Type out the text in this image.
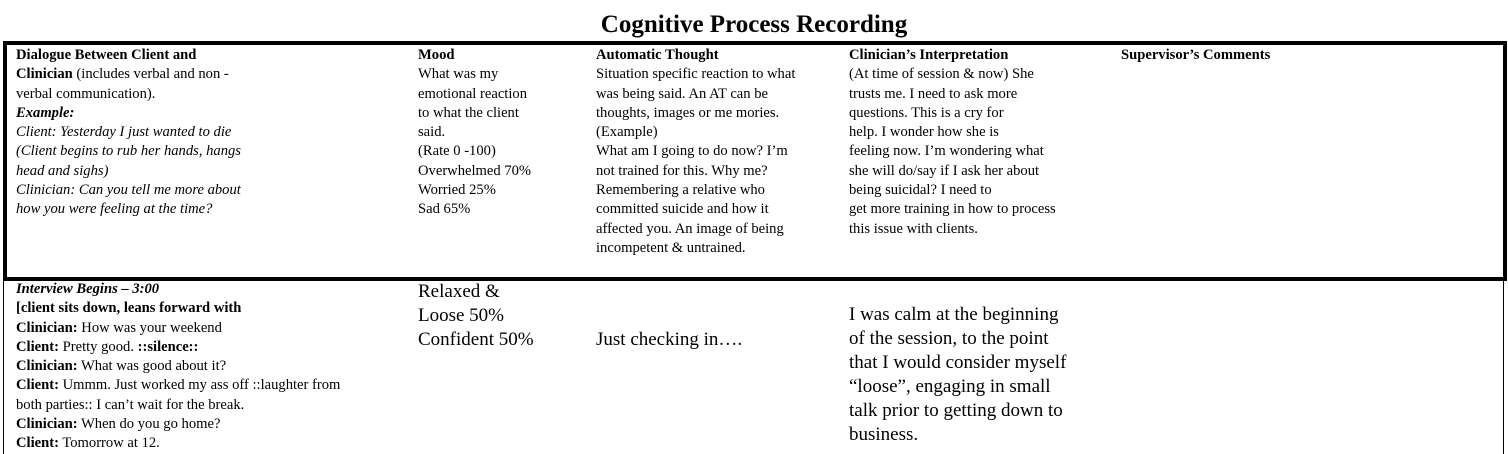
Cognitive Process Recording
Dialogue Between Client and
Clinician (includes verbal and non -
verbal communication).
Example:
Client: Yesterday I just wanted to die
(Client begins to rub her hands, hangs
head and sighs)
Clinician: Can you tell me more about
how you were feeling at the time?
Mood
What was my
emotional reaction
to what the client
said.
(Rate 0 -100)
Overwhelmed 70%
Worried 25%
Sad 65%
Automatic Thought
Situation specific reaction to what
was being said. An AT can be
thoughts, images or me mories.
(Example)
What am I going to do now? I’m
not trained for this. Why me?
Remembering a relative who
committed suicide and how it
affected you. An image of being
incompetent & untrained.
Clinician’s Interpretation
(At time of session & now) She
trusts me. I need to ask more
questions. This is a cry for
help. I wonder how she is
feeling now. I’m wondering what
she will do/say if I ask her about
being suicidal? I need to
get more training in how to process
this issue with clients.
Supervisor’s Comments
Interview Begins – 3:00
[client sits down, leans forward with
Clinician: How was your weekend
Client: Pretty good. ::silence::
Clinician: What was good about it?
Client: Ummm. Just worked my ass off ::laughter from
both parties:: I can’t wait for the break.
Clinician: When do you go home?
Client: Tomorrow at 12.
Relaxed &
Loose 50%
Confident 50%	Just checking in….
I was calm at the beginning
of the session, to the point
that I would consider myself
“loose”, engaging in small
talk prior to getting down to
business.
